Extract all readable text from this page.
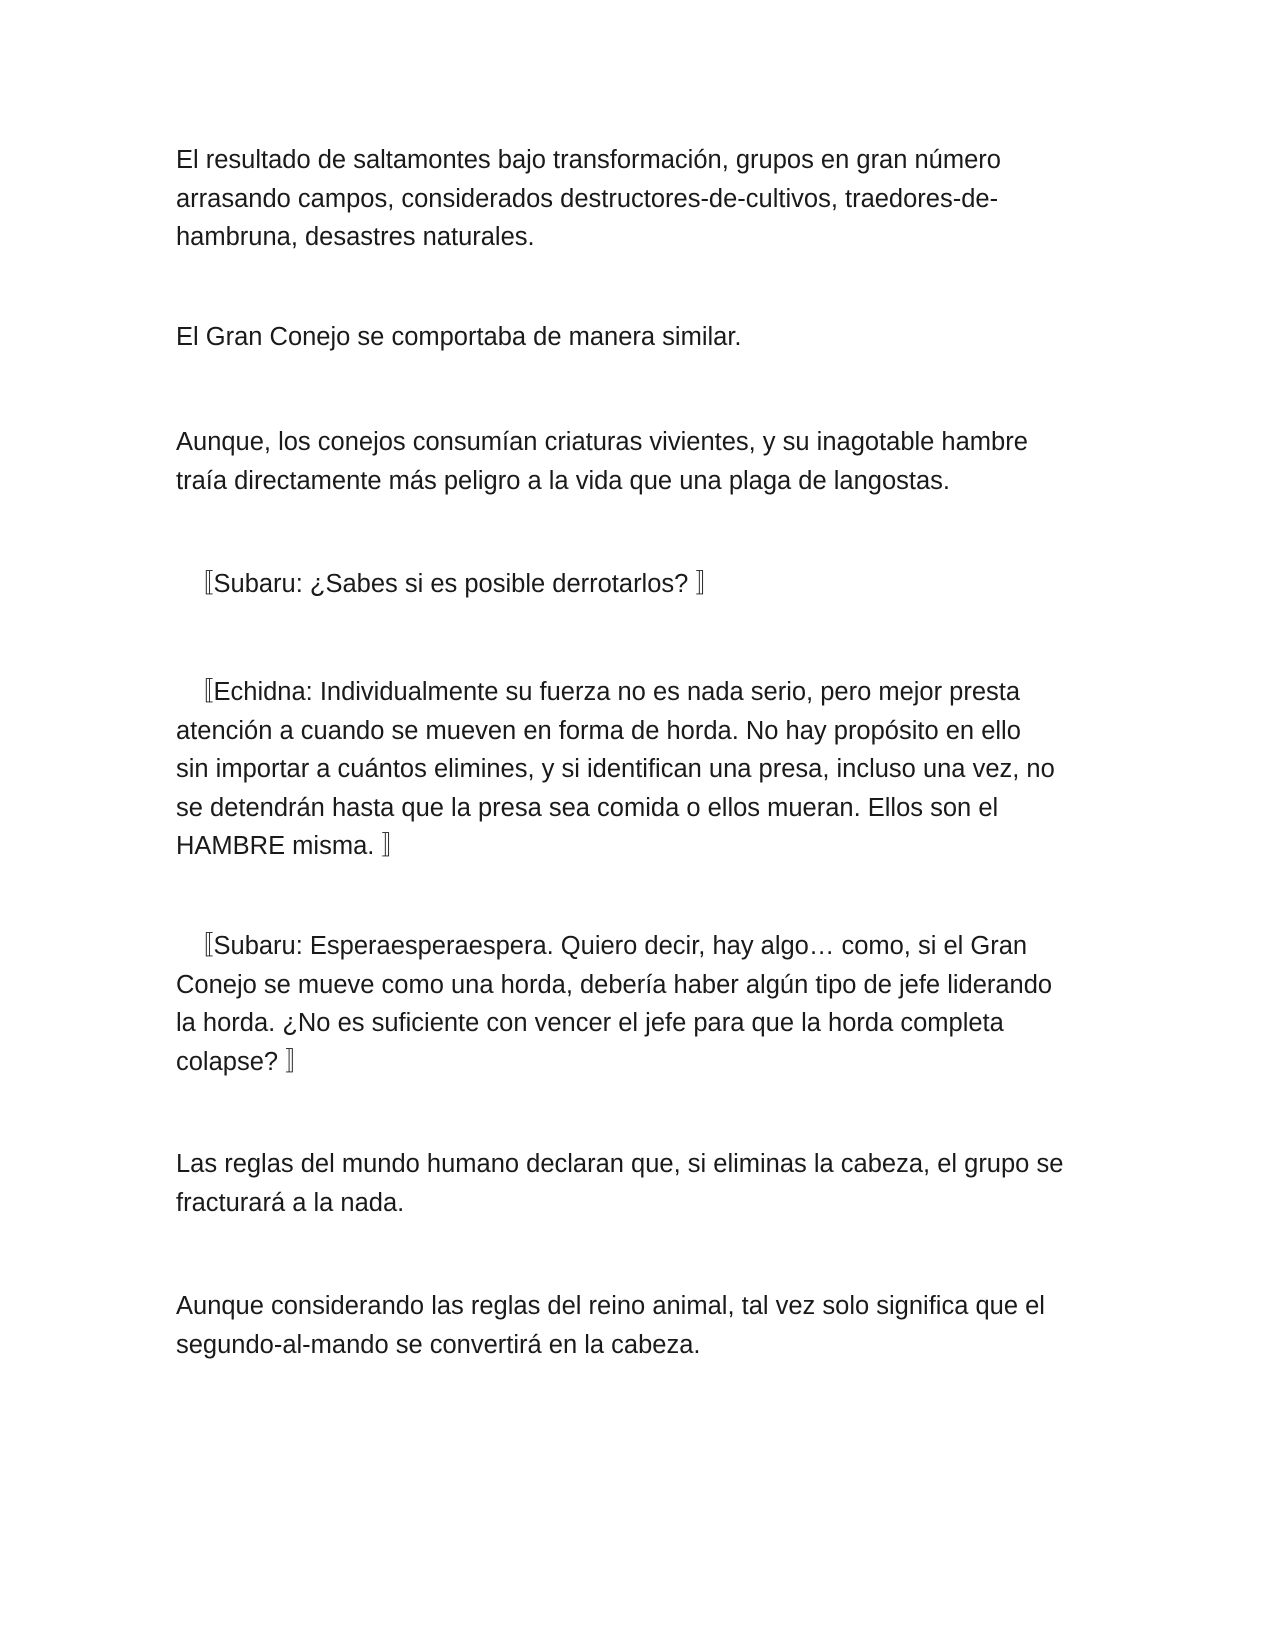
El resultado de saltamontes bajo transformación, grupos en gran número
arrasando campos, considerados destructores-de-cultivos, traedores-de-
hambruna, desastres naturales.

El Gran Conejo se comportaba de manera similar.

Aunque, los conejos consumían criaturas vivientes, y su inagotable hambre
traía directamente más peligro a la vida que una plaga de langostas.

〚Subaru: ¿Sabes si es posible derrotarlos? 〛

〚Echidna: Individualmente su fuerza no es nada serio, pero mejor presta
atención a cuando se mueven en forma de horda. No hay propósito en ello
sin importar a cuántos elimines, y si identifican una presa, incluso una vez, no
se detendrán hasta que la presa sea comida o ellos mueran. Ellos son el
HAMBRE misma. 〛

〚Subaru: Esperaesperaespera. Quiero decir, hay algo… como, si el Gran
Conejo se mueve como una horda, debería haber algún tipo de jefe liderando
la horda. ¿No es suficiente con vencer el jefe para que la horda completa
colapse? 〛

Las reglas del mundo humano declaran que, si eliminas la cabeza, el grupo se
fracturará a la nada.

Aunque considerando las reglas del reino animal, tal vez solo significa que el
segundo-al-mando se convertirá en la cabeza.
